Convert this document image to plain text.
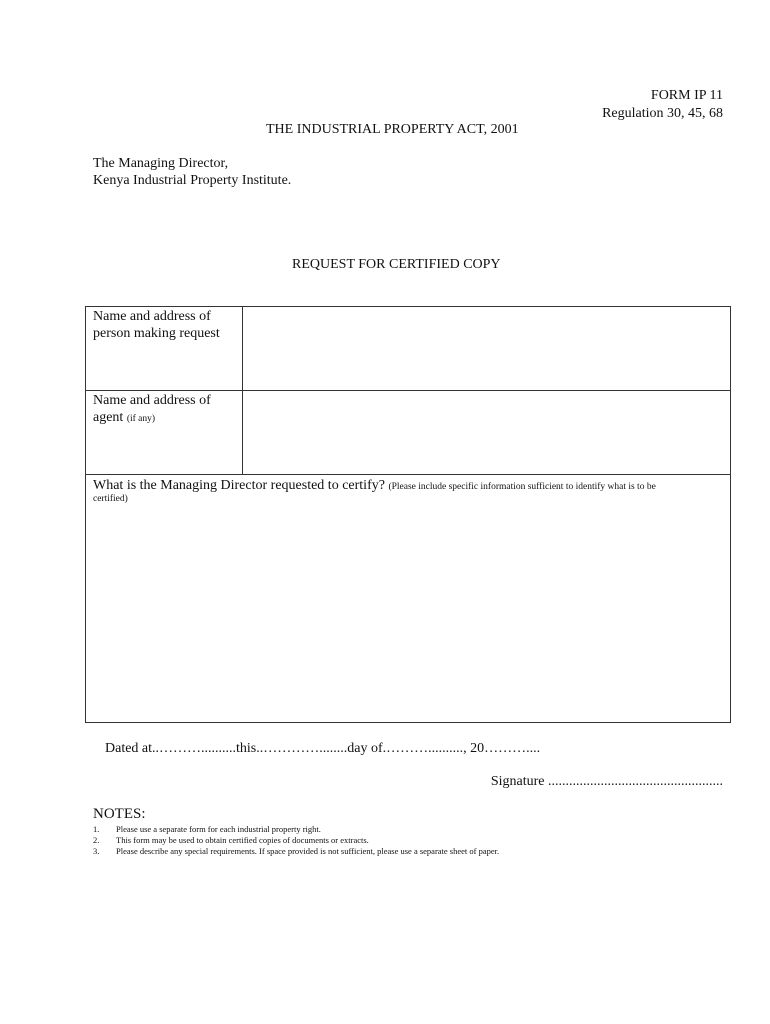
FORM IP 11
Regulation 30, 45, 68
THE INDUSTRIAL PROPERTY ACT, 2001
The Managing Director,
Kenya Industrial Property Institute.
REQUEST FOR CERTIFIED COPY
Name and address of
person making request
Name and address of
agent (if any)
What is the Managing Director requested to certify? (Please include specific information sufficient to identify what is to be
certified)
Dated at..………..........this..…………........day of.……….........., 20………....
Signature ..................................................
NOTES:
1.	Please use a separate form for each industrial property right.
2.	This form may be used to obtain certified copies of documents or extracts.
3.	Please describe any special requirements. If space provided is not sufficient, please use a separate sheet of paper.
